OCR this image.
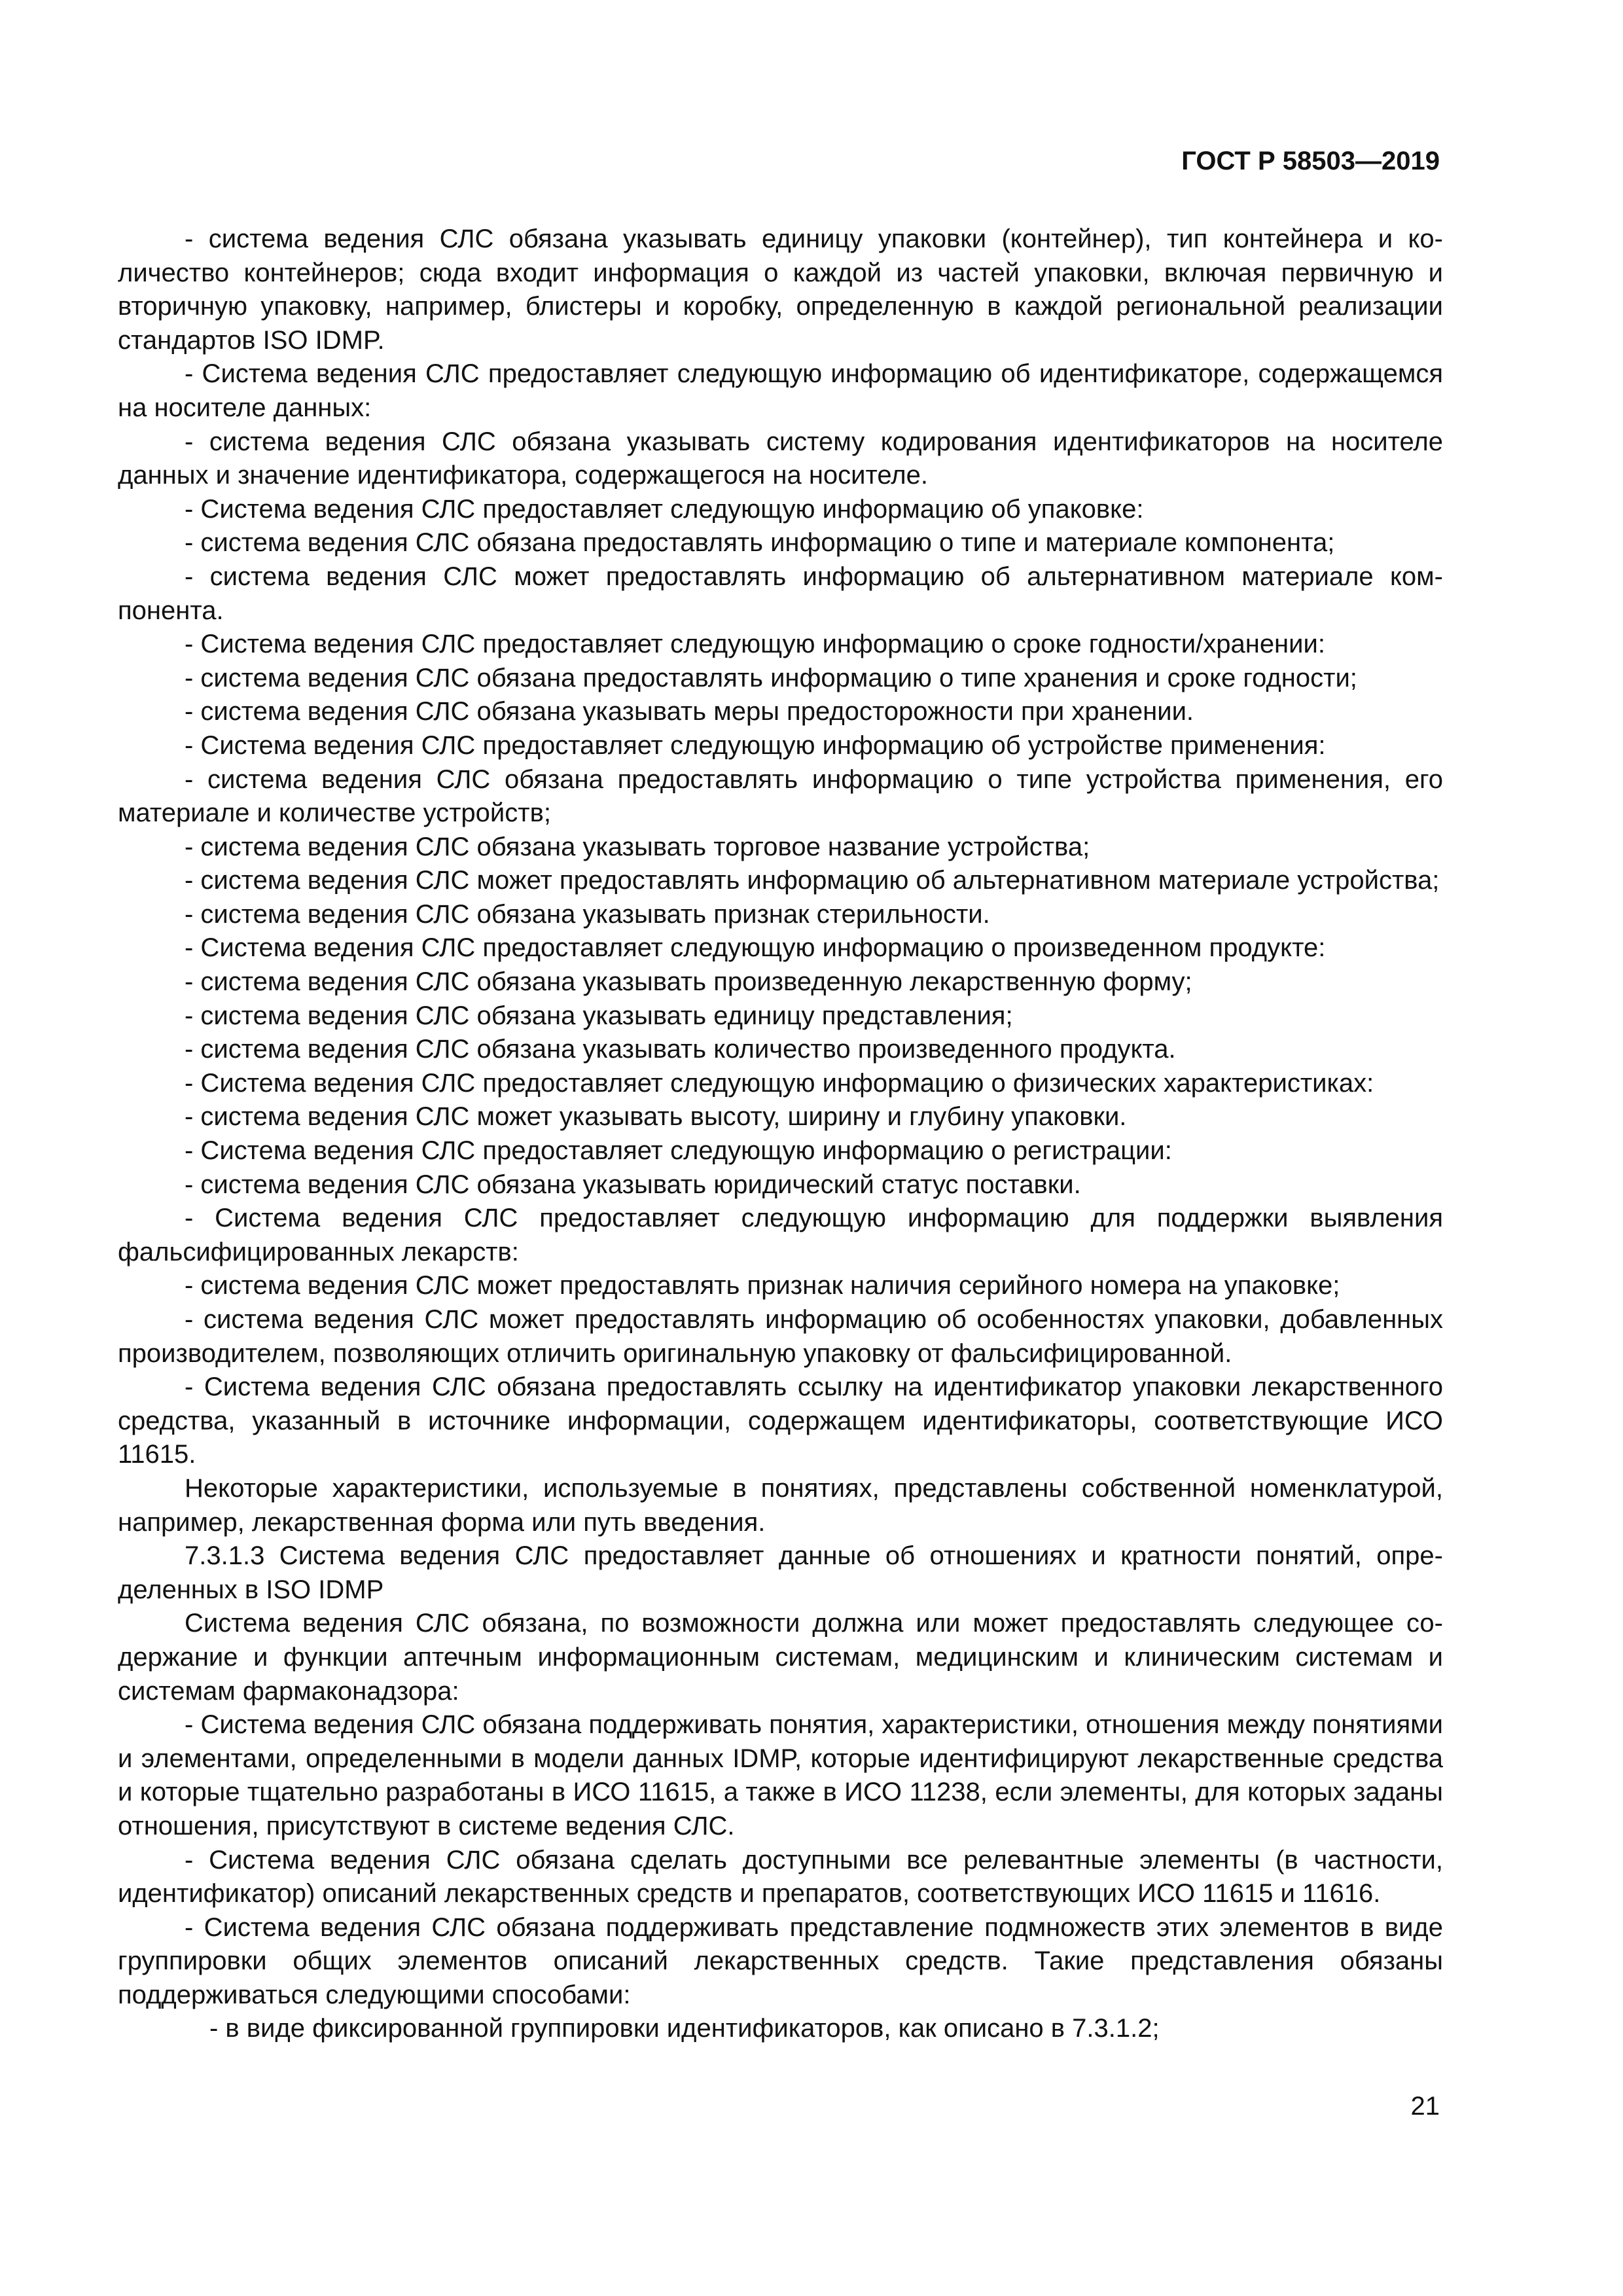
ГОСТ Р 58503—2019

- система ведения СЛС обязана указывать единицу упаковки (контейнер), тип контейнера и количество контейнеров; сюда входит информация о каждой из частей упаковки, включая первичную и вторичную упаковку, например, блистеры и коробку, определенную в каждой региональной реализации стандартов ISO IDMP.

- Система ведения СЛС предоставляет следующую информацию об идентификаторе, содержащемся на носителе данных:

- система ведения СЛС обязана указывать систему кодирования идентификаторов на носителе данных и значение идентификатора, содержащегося на носителе.

- Система ведения СЛС предоставляет следующую информацию об упаковке:

- система ведения СЛС обязана предоставлять информацию о типе и материале компонента;

- система ведения СЛС может предоставлять информацию об альтернативном материале компонента.

- Система ведения СЛС предоставляет следующую информацию о сроке годности/хранении:

- система ведения СЛС обязана предоставлять информацию о типе хранения и сроке годности;

- система ведения СЛС обязана указывать меры предосторожности при хранении.

- Система ведения СЛС предоставляет следующую информацию об устройстве применения:

- система ведения СЛС обязана предоставлять информацию о типе устройства применения, его материале и количестве устройств;

- система ведения СЛС обязана указывать торговое название устройства;

- система ведения СЛС может предоставлять информацию об альтернативном материале устройства;

- система ведения СЛС обязана указывать признак стерильности.

- Система ведения СЛС предоставляет следующую информацию о произведенном продукте:

- система ведения СЛС обязана указывать произведенную лекарственную форму;

- система ведения СЛС обязана указывать единицу представления;

- система ведения СЛС обязана указывать количество произведенного продукта.

- Система ведения СЛС предоставляет следующую информацию о физических характеристиках:

- система ведения СЛС может указывать высоту, ширину и глубину упаковки.

- Система ведения СЛС предоставляет следующую информацию о регистрации:

- система ведения СЛС обязана указывать юридический статус поставки.

- Система ведения СЛС предоставляет следующую информацию для поддержки выявления фальсифицированных лекарств:

- система ведения СЛС может предоставлять признак наличия серийного номера на упаковке;

- система ведения СЛС может предоставлять информацию об особенностях упаковки, добавленных производителем, позволяющих отличить оригинальную упаковку от фальсифицированной.

- Система ведения СЛС обязана предоставлять ссылку на идентификатор упаковки лекарственного средства, указанный в источнике информации, содержащем идентификаторы, соответствующие ИСО 11615.

Некоторые характеристики, используемые в понятиях, представлены собственной номенклатурой, например, лекарственная форма или путь введения.

7.3.1.3 Система ведения СЛС предоставляет данные об отношениях и кратности понятий, определенных в ISO IDMP

Система ведения СЛС обязана, по возможности должна или может предоставлять следующее содержание и функции аптечным информационным системам, медицинским и клиническим системам и системам фармаконадзора:

- Система ведения СЛС обязана поддерживать понятия, характеристики, отношения между понятиями и элементами, определенными в модели данных IDMP, которые идентифицируют лекарственные средства и которые тщательно разработаны в ИСО 11615, а также в ИСО 11238, если элементы, для которых заданы отношения, присутствуют в системе ведения СЛС.

- Система ведения СЛС обязана сделать доступными все релевантные элементы (в частности, идентификатор) описаний лекарственных средств и препаратов, соответствующих ИСО 11615 и 11616.

- Система ведения СЛС обязана поддерживать представление подмножеств этих элементов в виде группировки общих элементов описаний лекарственных средств. Такие представления обязаны поддерживаться следующими способами:

- в виде фиксированной группировки идентификаторов, как описано в 7.3.1.2;

21
